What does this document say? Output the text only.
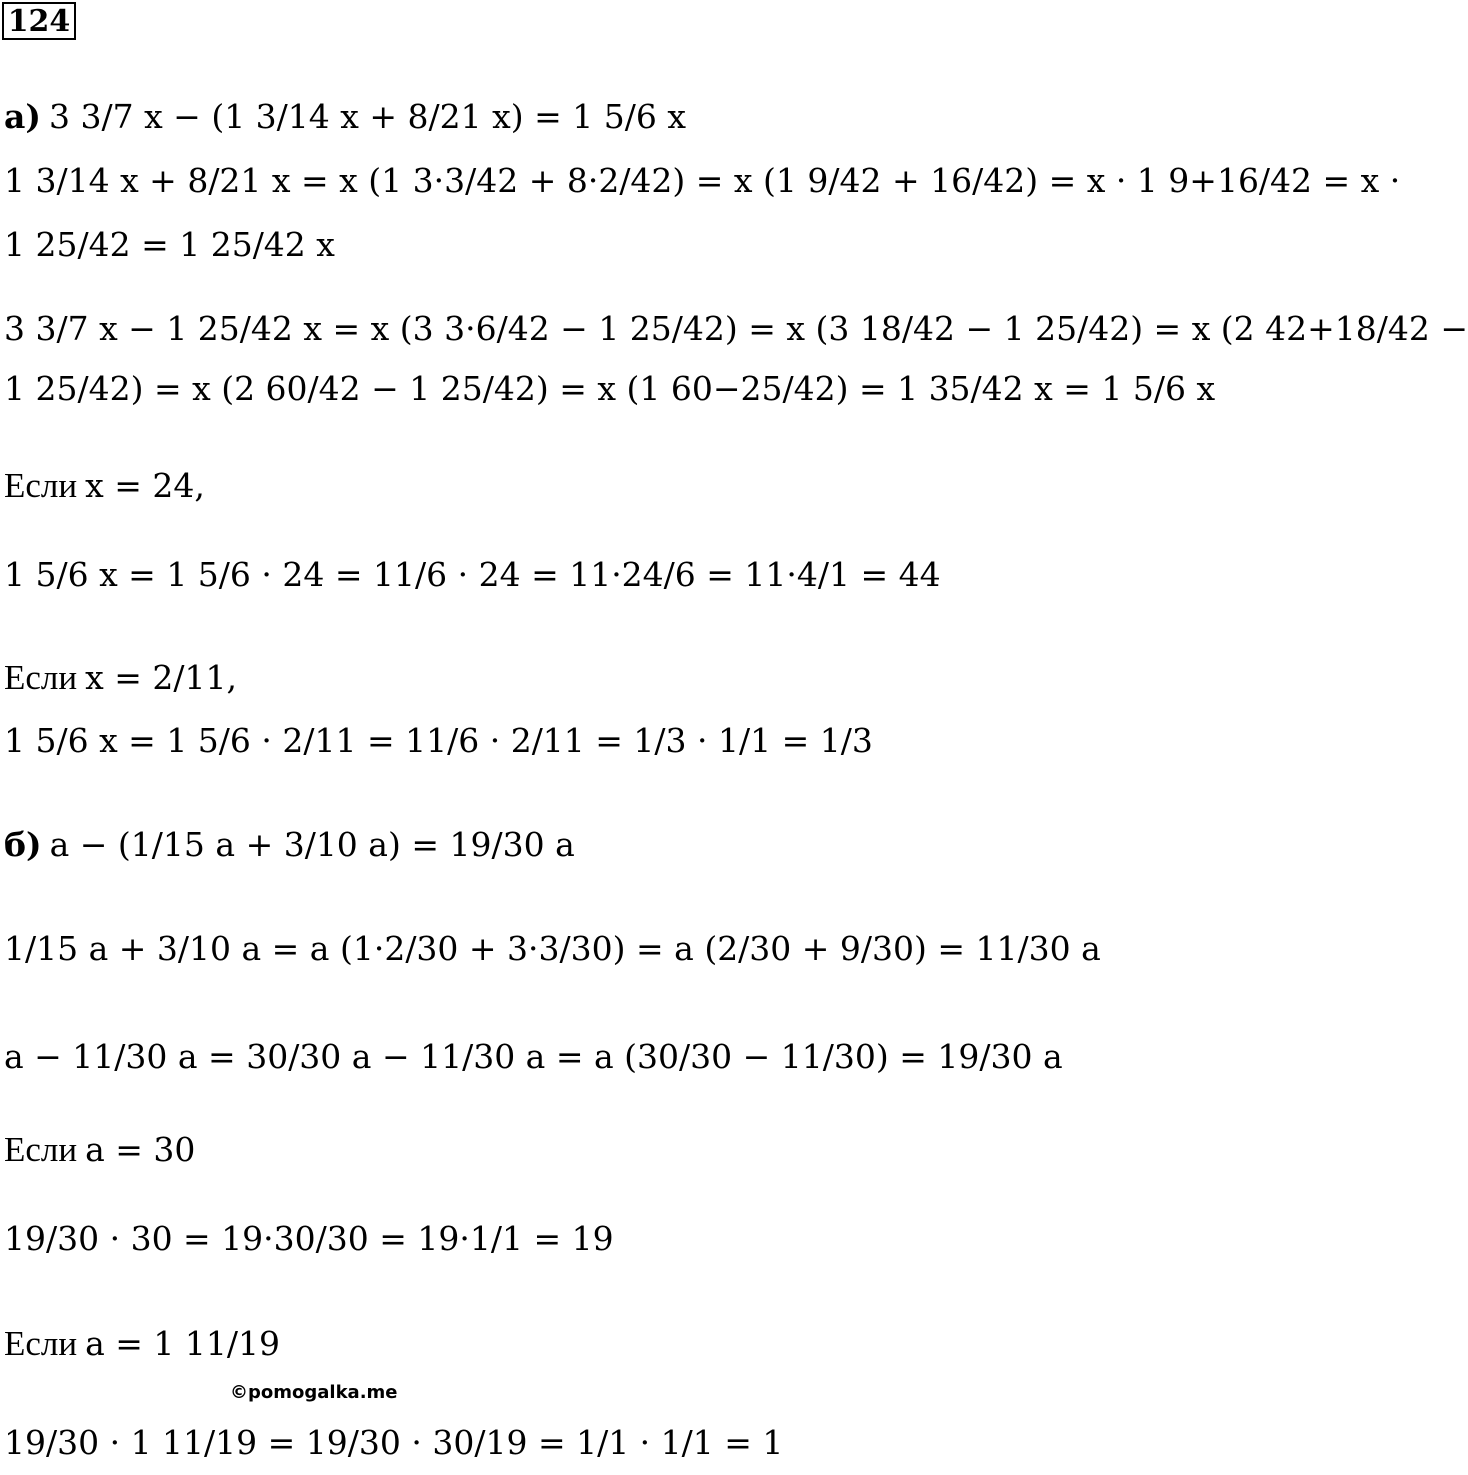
124
а) 3 3/7 x − (1 3/14 x + 8/21 x) = 1 5/6 x
1 3/14 x + 8/21 x = x (1 3·3/42 + 8·2/42) = x (1 9/42 + 16/42) = x · 1 9+16/42 = x ·
1 25/42 = 1 25/42 x
3 3/7 x − 1 25/42 x = x (3 3·6/42 − 1 25/42) = x (3 18/42 − 1 25/42) = x (2 42+18/42 −
1 25/42) = x (2 60/42 − 1 25/42) = x (1 60−25/42) = 1 35/42 x = 1 5/6 x
Если x = 24,
1 5/6 x = 1 5/6 · 24 = 11/6 · 24 = 11·24/6 = 11·4/1 = 44
Если x = 2/11,
1 5/6 x = 1 5/6 · 2/11 = 11/6 · 2/11 = 1/3 · 1/1 = 1/3
б) a − (1/15 a + 3/10 a) = 19/30 a
1/15 a + 3/10 a = a (1·2/30 + 3·3/30) = a (2/30 + 9/30) = 11/30 a
a − 11/30 a = 30/30 a − 11/30 a = a (30/30 − 11/30) = 19/30 a
Если a = 30
19/30 · 30 = 19·30/30 = 19·1/1 = 19
Если a = 1 11/19
©pomogalka.me
19/30 · 1 11/19 = 19/30 · 30/19 = 1/1 · 1/1 = 1
